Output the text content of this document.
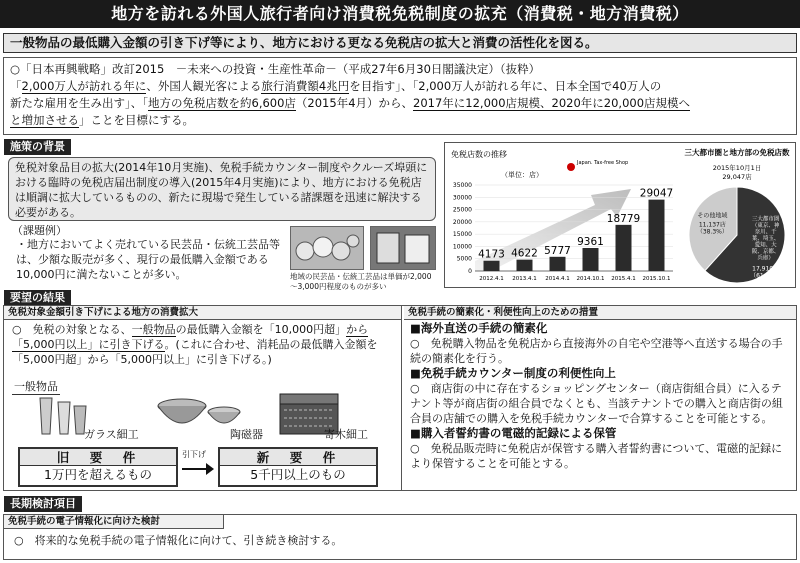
地方を訪れる外国人旅行者向け消費税免税制度の拡充（消費税・地方消費税）
一般物品の最低購入金額の引き下げ等により、地方における更なる免税店の拡大と消費の活性化を図る。

○「日本再興戦略」改訂2015　－未来への投資・生産性革命－（平成27年6月30日閣議決定）（抜粋）

「2,000万人が訪れる年に、外国人観光客による旅行消費額4兆円を目指す」、「2,000万人が訪れる年に、日本全国で40万人の

新たな雇用を生み出す」、「地方の免税店数を約6,600店（2015年4月）から、2017年に12,000店規模、2020年に20,000店規模へ

と増加させる」ことを目標にする。

施策の背景
免税対象品目の拡大(2014年10月実施)、免税手続カウンター制度やクルーズ埠頭における臨時の免税店届出制度の導入(2015年4月実施)により、地方における免税店は順調に拡大しているものの、新たに現場で発生している諸課題を迅速に解決する必要がある。
（課題例）
・地方においてよく売れている民芸品・伝統工芸品等は、少額な販売が多く、現行の最低購入金額である10,000円に満たないことが多い。	地域の民芸品・伝統工芸品は単価が2,000～3,000円程度のものが多い
免税店数の推移
（単位：店）
Japan. Tax-free Shop
35000
30000
25000
20000
15000
10000
5000
0
4173
2012.4.1
4622
2013.4.1
5777
2014.4.1
9361
2014.10.1
18779
2015.4.1
29047
2015.10.1
三大都市圏と地方部の免税店数
2015年10月1日
29,047店
三大都市圏（東京、神奈川、千葉、埼玉、愛知、大阪、京都、兵庫）
17,910店
（61.7%）
その他地域
11,137店
（38.3%）
要望の結果
免税対象金額引き下げによる地方の消費拡大
○　免税の対象となる、一般物品の最低購入金額を「10,000円超」から「5,000円以上」に引き下げる。(これに合わせ、消耗品の最低購入金額を「5,000円超」から「5,000円以上」に引き下げる。)
一般物品
ガラス細工	陶磁器	寄木細工
旧　要　件
1万円を超えるもの
引下げ	新　要　件
5千円以上のもの
免税手続の簡素化・利便性向上のための措置
■海外直送の手続の簡素化
○　免税購入物品を免税店から直接海外の自宅や空港等へ直送する場合の手続の簡素化を行う。
■免税手続カウンター制度の利便性向上
○　商店街の中に存在するショッピングセンター（商店街組合員）に入るテナント等が商店街の組合員でなくとも、当該テナントでの購入と商店街の組合員の店舗での購入を免税手続カウンターで合算することを可能とする。
■購入者誓約書の電磁的記録による保管
○　免税品販売時に免税店が保管する購入者誓約書について、電磁的記録により保管することを可能とする。
長期検討項目
免税手続の電子情報化に向けた検討
○　将来的な免税手続の電子情報化に向けて、引き続き検討する。
